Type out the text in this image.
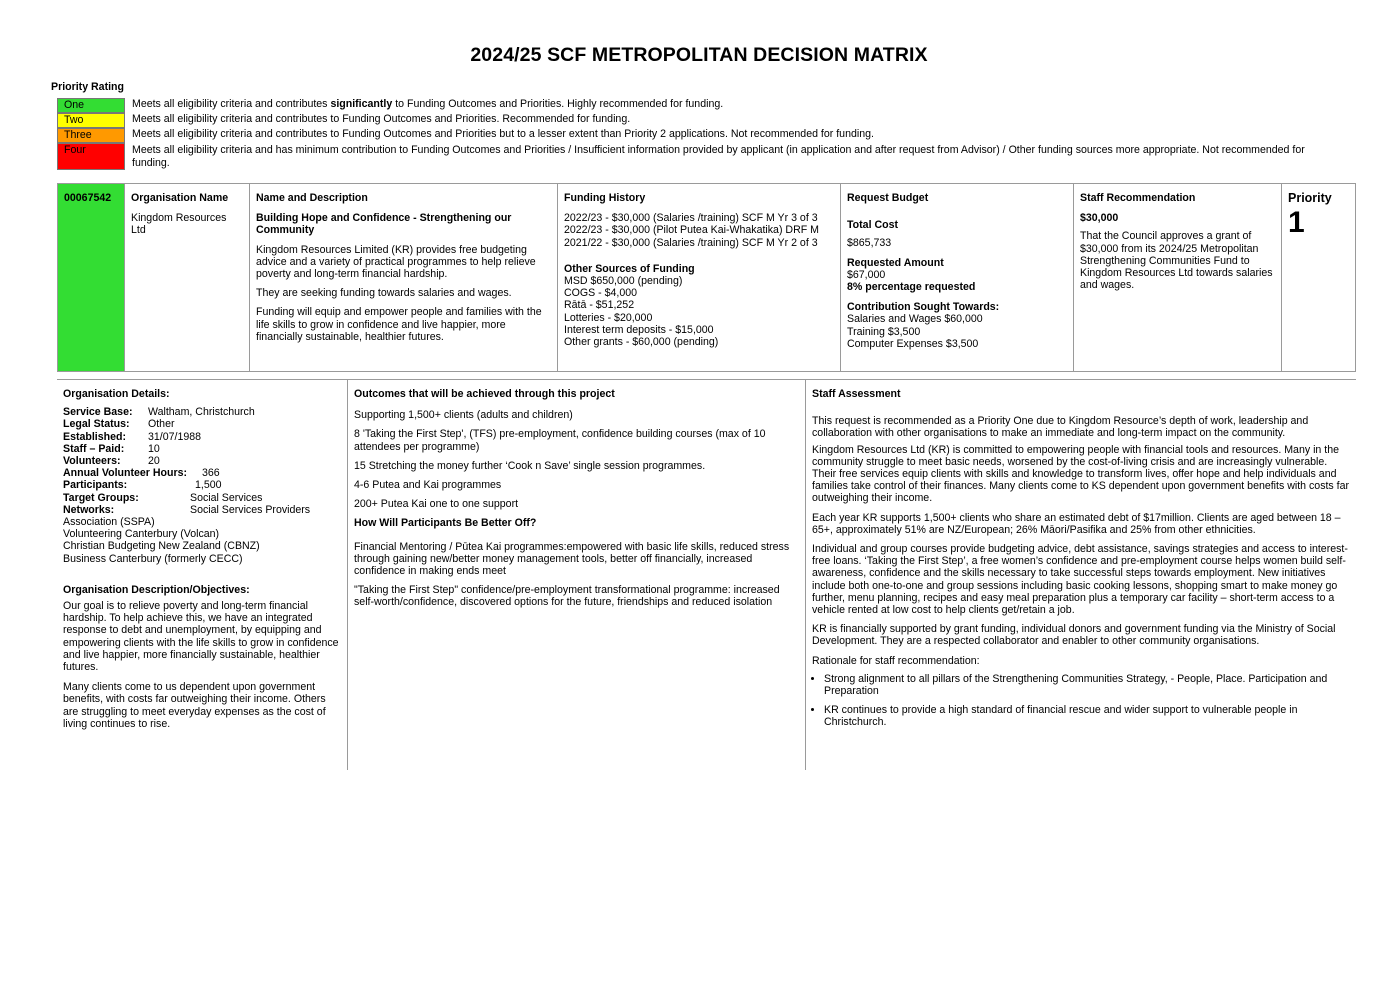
2024/25 SCF METROPOLITAN DECISION MATRIX
Priority Rating
One	Meets all eligibility criteria and contributes significantly to Funding Outcomes and Priorities. Highly recommended for funding.
Two	Meets all eligibility criteria and contributes to Funding Outcomes and Priorities. Recommended for funding.
Three	Meets all eligibility criteria and contributes to Funding Outcomes and Priorities but to a lesser extent than Priority 2 applications. Not recommended for funding.
Four	Meets all eligibility criteria and has minimum contribution to Funding Outcomes and Priorities / Insufficient information provided by applicant (in application and after request from Advisor) / Other funding sources more appropriate. Not recommended for funding.
00067542	Organisation Name
Kingdom Resources Ltd
Name and Description
Building Hope and Confidence - Strengthening our Community

Kingdom Resources Limited (KR) provides free budgeting advice and a variety of practical programmes to help relieve poverty and long-term financial hardship.

They are seeking funding towards salaries and wages.

Funding will equip and empower people and families with the life skills to grow in confidence and live happier, more financially sustainable, healthier futures.

Funding History
2022/23 - $30,000 (Salaries /training) SCF M Yr 3 of 3
2022/23 - $30,000 (Pilot Putea Kai-Whakatika) DRF M
2021/22 - $30,000 (Salaries /training) SCF M Yr 2 of 3
Other Sources of Funding
MSD $650,000 (pending)
COGS - $4,000
Rātā - $51,252
Lotteries - $20,000
Interest term deposits - $15,000
Other grants - $60,000 (pending)
Request Budget
Total Cost
$865,733
Requested Amount
$67,000
8% percentage requested
Contribution Sought Towards:
Salaries and Wages $60,000
Training $3,500
Computer Expenses $3,500
Staff Recommendation
$30,000
That the Council approves a grant of $30,000 from its 2024/25 Metropolitan Strengthening Communities Fund to Kingdom Resources Ltd towards salaries and wages.
Priority
1
Organisation Details:
Service Base:	Waltham, Christchurch
Legal Status:	Other
Established:	31/07/1988
Staff – Paid:	10
Volunteers:	20
Annual Volunteer Hours:	366
Participants:	1,500
Target Groups:	Social Services
Networks:	Social Services Providers
Association (SSPA)
Volunteering Canterbury (Volcan)
Christian Budgeting New Zealand (CBNZ)
Business Canterbury (formerly CECC)
Organisation Description/Objectives:

Our goal is to relieve poverty and long-term financial hardship. To help achieve this, we have an integrated response to debt and unemployment, by equipping and empowering clients with the life skills to grow in confidence and live happier, more financially sustainable, healthier futures.

Many clients come to us dependent upon government benefits, with costs far outweighing their income. Others are struggling to meet everyday expenses as the cost of living continues to rise.

Outcomes that will be achieved through this project

Supporting 1,500+ clients (adults and children)

8 'Taking the First Step', (TFS) pre-employment, confidence building courses (max of 10 attendees per programme)

15 Stretching the money further ‘Cook n Save’ single session programmes.

4-6 Putea and Kai programmes

200+ Putea Kai one to one support

How Will Participants Be Better Off?

Financial Mentoring / Pūtea Kai programmes:empowered with basic life skills, reduced stress through gaining new/better money management tools, better off financially, increased confidence in making ends meet

"Taking the First Step" confidence/pre-employment transformational programme: increased self-worth/confidence, discovered options for the future, friendships and reduced isolation

Staff Assessment

This request is recommended as a Priority One due to Kingdom Resource’s depth of work, leadership and collaboration with other organisations to make an immediate and long-term impact on the community.

Kingdom Resources Ltd (KR) is committed to empowering people with financial tools and resources. Many in the community struggle to meet basic needs, worsened by the cost-of-living crisis and are increasingly vulnerable. Their free services equip clients with skills and knowledge to transform lives, offer hope and help individuals and families take control of their finances. Many clients come to KS dependent upon government benefits with costs far outweighing their income.

Each year KR supports 1,500+ clients who share an estimated debt of $17million. Clients are aged between 18 – 65+, approximately 51% are NZ/European; 26% Māori/Pasifika and 25% from other ethnicities.

Individual and group courses provide budgeting advice, debt assistance, savings strategies and access to interest-free loans. ‘Taking the First Step’, a free women’s confidence and pre-employment course helps women build self-awareness, confidence and the skills necessary to take successful steps towards employment. New initiatives include both one-to-one and group sessions including basic cooking lessons, shopping smart to make money go further, menu planning, recipes and easy meal preparation plus a temporary car facility – short-term access to a vehicle rented at low cost to help clients get/retain a job.

KR is financially supported by grant funding, individual donors and government funding via the Ministry of Social Development. They are a respected collaborator and enabler to other community organisations.

Rationale for staff recommendation:

• Strong alignment to all pillars of the Strengthening Communities Strategy, - People, Place. Participation and Preparation
• KR continues to provide a high standard of financial rescue and wider support to vulnerable people in Christchurch.
